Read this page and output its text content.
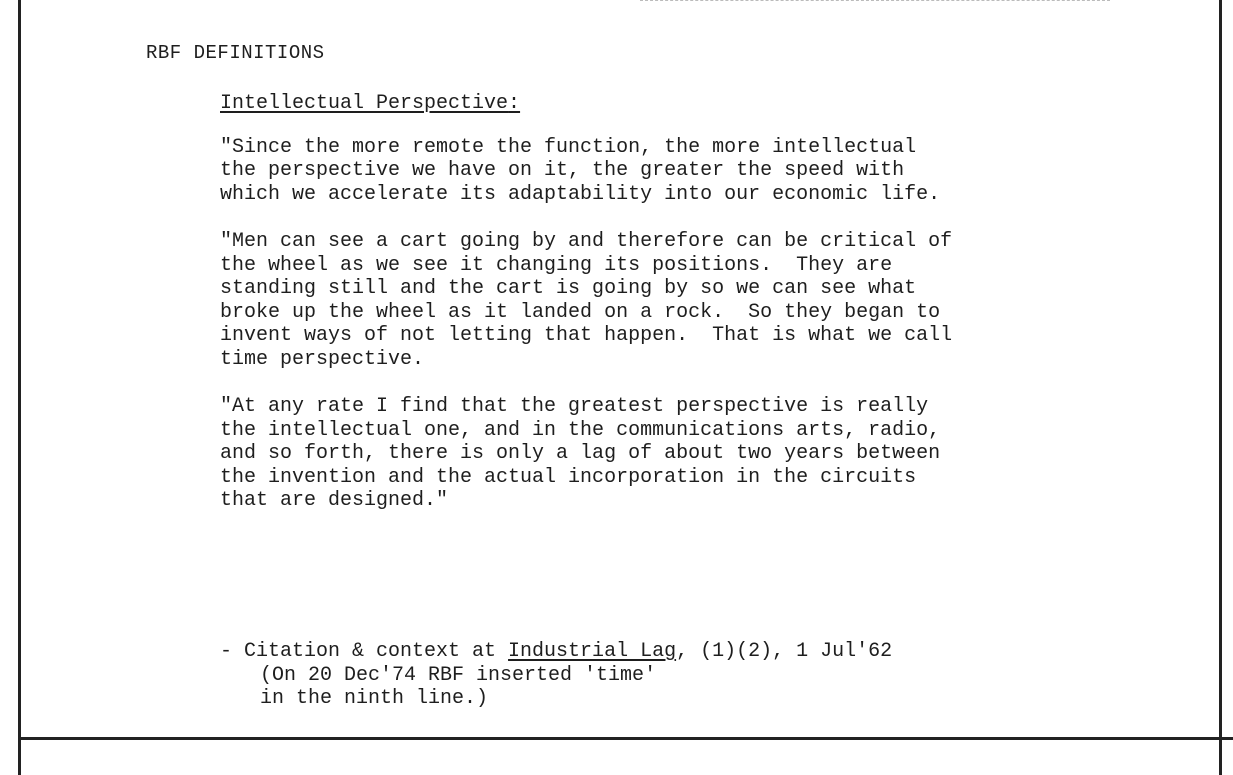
RBF DEFINITIONS
Intellectual Perspective:
"Since the more remote the function, the more intellectual
the perspective we have on it, the greater the speed with
which we accelerate its adaptability into our economic life.
"Men can see a cart going by and therefore can be critical of
the wheel as we see it changing its positions.  They are
standing still and the cart is going by so we can see what
broke up the wheel as it landed on a rock.  So they began to
invent ways of not letting that happen.  That is what we call
time perspective.
"At any rate I find that the greatest perspective is really
the intellectual one, and in the communications arts, radio,
and so forth, there is only a lag of about two years between
the invention and the actual incorporation in the circuits
that are designed."
- Citation & context at Industrial Lag, (1)(2), 1 Jul'62
(On 20 Dec'74 RBF inserted 'time'
in the ninth line.)
